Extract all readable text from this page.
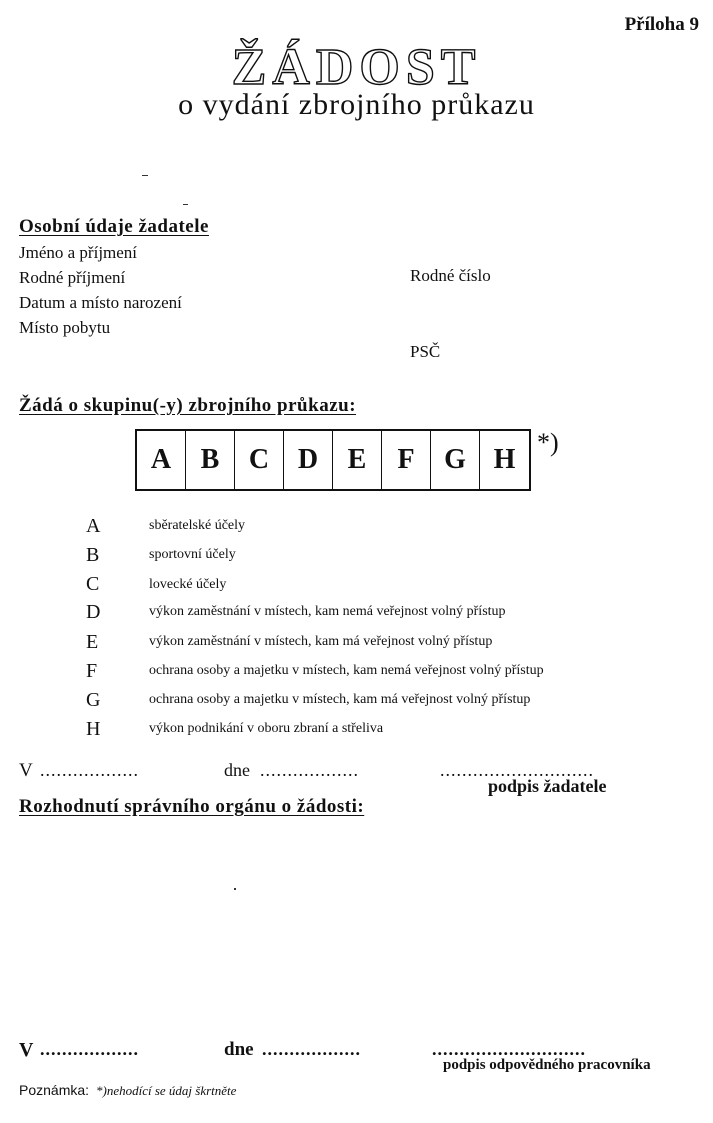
Příloha 9
ŽÁDOST
o vydání zbrojního průkazu
Osobní údaje žadatele
Jméno a příjmení
Rodné příjmení	Rodné číslo
Datum a místo narození
Místo pobytu
PSČ
Žádá o skupinu(-y) zbrojního průkazu:
A	B	C	D	E	F	G H
*)
A	sběratelské účely
B	sportovní účely
C	lovecké účely
D	výkon zaměstnání v místech, kam nemá veřejnost volný přístup
E	výkon zaměstnání v místech, kam má veřejnost volný přístup
F	ochrana osoby a majetku v místech, kam nemá veřejnost volný přístup
G	ochrana osoby a majetku v místech, kam má veřejnost volný přístup
H	výkon podnikání v oboru zbraní a střeliva
V ..................	dne ..................	............................
podpis žadatele
Rozhodnutí správního orgánu o žádosti:
V ..................	dne ..................	............................
podpis odpovědného pracovníka
Poznámka: *)nehodící se údaj škrtněte
